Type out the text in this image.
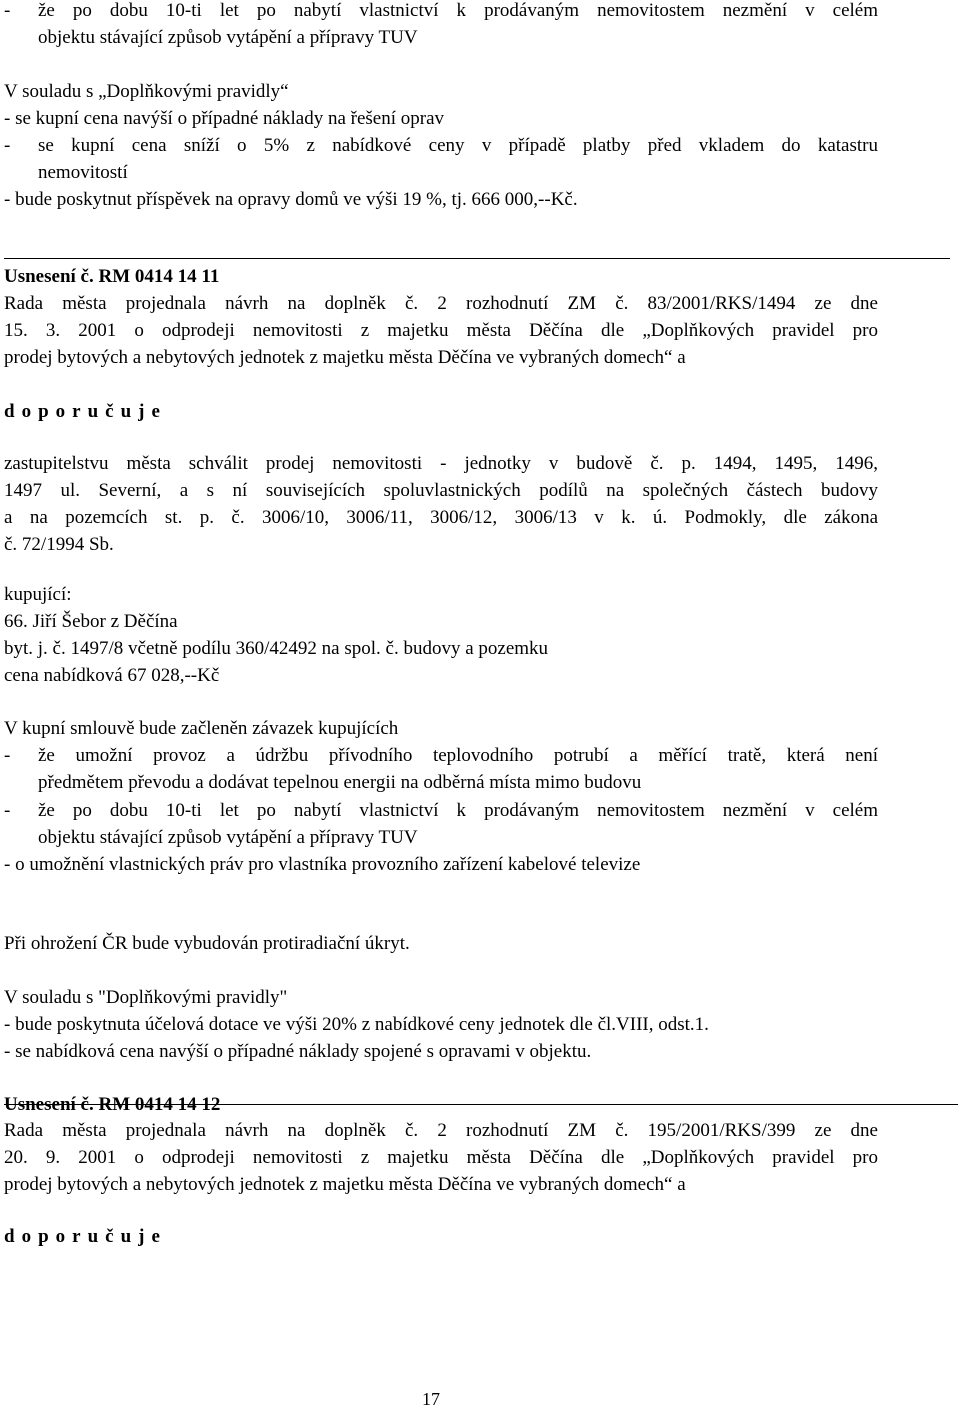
- že po dobu 10-ti let po nabytí vlastnictví k prodávaným nemovitostem nezmění v celém
objektu stávající způsob vytápění a přípravy TUV
V souladu s „Doplňkovými pravidly“
- se kupní cena navýší o případné náklady na řešení oprav
- se kupní cena sníží o 5% z nabídkové ceny v případě platby před vkladem do katastru
nemovitostí
- bude poskytnut příspěvek na opravy domů ve výši 19 %, tj. 666 000,--Kč.
Usnesení č. RM 0414 14 11
Rada města projednala návrh na doplněk č. 2 rozhodnutí ZM č. 83/2001/RKS/1494 ze dne
15. 3. 2001 o odprodeji nemovitosti z majetku města Děčína dle „Doplňkových pravidel pro
prodej bytových a nebytových jednotek z majetku města Děčína ve vybraných domech“ a
doporučuje
zastupitelstvu města schválit prodej nemovitosti - jednotky v budově č. p. 1494, 1495, 1496,
1497 ul. Severní, a s ní souvisejících spoluvlastnických podílů na společných částech budovy
a na pozemcích st. p. č. 3006/10, 3006/11, 3006/12, 3006/13 v k. ú. Podmokly, dle zákona
č. 72/1994 Sb.
kupující:
66. Jiří Šebor z Děčína
byt. j. č. 1497/8 včetně podílu 360/42492 na spol. č. budovy a pozemku
cena nabídková 67 028,--Kč
V kupní smlouvě bude začleněn závazek kupujících
- že umožní provoz a údržbu přívodního teplovodního potrubí a měřící tratě, která není
předmětem převodu a dodávat tepelnou energii na odběrná místa mimo budovu
- že po dobu 10-ti let po nabytí vlastnictví k prodávaným nemovitostem nezmění v celém
objektu stávající způsob vytápění a přípravy TUV
- o umožnění vlastnických práv pro vlastníka provozního zařízení kabelové televize
Při ohrožení ČR bude vybudován protiradiační úkryt.
V souladu s "Doplňkovými pravidly"
- bude poskytnuta účelová dotace ve výši 20% z nabídkové ceny jednotek dle čl.VIII, odst.1.
- se nabídková cena navýší o případné náklady spojené s opravami v objektu.
Usnesení č. RM 0414 14 12
Rada města projednala návrh na doplněk č. 2 rozhodnutí ZM č. 195/2001/RKS/399 ze dne
20. 9. 2001 o odprodeji nemovitosti z majetku města Děčína dle „Doplňkových pravidel pro
prodej bytových a nebytových jednotek z majetku města Děčína ve vybraných domech“ a
doporučuje
17
